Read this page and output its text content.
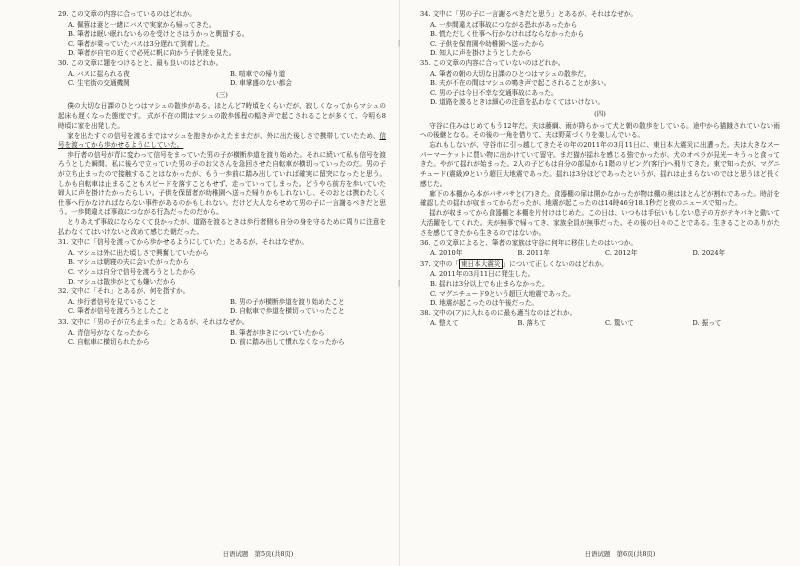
|
|
29. この文章の内容に合っているのはどれか。
A. 佩蓉は妻と一緒にバスで実家から帰ってきた。
B. 筆者は眠い眠れないものを受けとさはうかっと輿留する。
C. 筆者が乗っていたバスは3分遅れて到着した。
D. 筆者が自宅の近くで必死に帆に向かう子供達を見た。
30. この文章に題をつけるとと、最も良いのはどれか。
A. バスに揺られる夜	B. 喧車での帰り道
C. 生宅街の交通機関	D. 車掌盛のない都会
(三)

僕の大切な日課のひとつはマシュの散歩がある。ほとんど7時頃をくらいだが、寂しくなってからマシュの起床も遅くなった態度です。 式が不在の間はマシュの散歩係程の幅き声で起こされることが多くて、今明も8時頃に家を出発した。

家を出たすぐの信号を渡るまではマシュを抱きかかえたままだが、外に出た後しさで携帯していたため、信号を渡ってから歩かせるようにしていた。

歩行者の信号が青に変わって信号をまっていた男の子が横断歩道を渡り始めた。それに続いて私も信号を渡ろうとした瞬間、私に後ろで立っていた男の子のお父さんを急回させた自転車が横切っていったのだ。男の子が立ち止まったので接触することはなかったが、もう一歩前に踏み出していれば確実に留突になったと思う。しかも自転車は止まることもスピードを落すこともせず、走っていってしまった。どうやら前方を歩いていた婦人に声を掛けたかったらしい。子供を保留者が幼稚園へ送った帰りかもしれないし、そのおとは携わたしく仕事へ行かなければならない事件があるのかもしれない。だけど大人ならせめて男の子に一言謝るべきだと思う。一歩間違えば事故につながる行為だったのだから。

とりあえず事故にならなくて良かったが、道路を渡るときは歩行者側も自分の身を守るために周りに注意を払わなくてはいけないと改めて感じた朝だった。

31. 文中に「信号を渡ってから歩かせるようにしていた」とあるが、それはなぜか。
A. マシュは外に出た頃しさで興奮していたから
B. マシュは朝寝の夫に会いたがったから
C. マシュは自分で信号を渡ろうとしたから
D. マシュは散歩がとても嫌いだから
32. 文中に「それ」とあるが、何を指すか。
A. 歩行者信号を見ていること	B. 男の子が横断歩道を渡り始めたこと
C. 筆者が信号を渡ろうとしたこと	D. 自転車で歩道を横切っていったこと
33. 文中に「男の子が立ち止まった」とあるが、それはなぜか。
A. 青信号がなくなったから	B. 筆者が歩きについていたから
C. 自転車に横切られたから	D. 前に踏み出して慣れなくなったから
日语试题　第5页(共8页)
34. 文中に「男の子に一言謝るべきだと思う」とあるが、それはなぜか。
A. 一歩間違えば事故につながる恐れがあったから
B. 慌ただしく仕事へ行かなければならなかったから
C. 子供を保育園や幼稚園へ送ったから
D. 知人に声を掛けようとしたから
35. この文章の内容に合っていないのはどれか。
A. 筆者の朝の大切な日課のひとつはマシュの散歩だ。
B. 夫が不在の間はマシュの鳴き声で起こされることが多い。
C. 男の子は今日不幸な交通事故にあった。
D. 道路を渡るときは細心の注意を払わなくてはいけない。
(四)

守谷に住みはじめてもう12年だ。夫は藤綱、雨が降らかって犬と朝の散歩をしている。途中から猫餓されていない雨への後継となる。その後の一角を借りて、夫は野菜づくりを楽しんでいる。

忘れもしないが、守谷市に引っ越してきたその年の2011年の3月11日に、東日本大震災に出遭った。夫は大きなスーパーマーケットに買い物に出かけていて留守。まだ猫が揺れを感じる強でかったが、犬のオペラが見光ーキうっと食ってきた。やがて揺れが始まった。2人の子どもは自分の部屋から1階のリビング(客厅)へ飛りてきた。東で知ったが、マグニチュード(震級)9という超巨大地震であった。揺れは3分ほどであったというが、揺れは止まらないのではと思うほど長く感じた。

廊下の本棚から本がバサバサと(ア)きた。食器棚の扉は開かなかったが物は棚の奥はほとんどが割れであった。時計を確認したの揺れが収まってからだったが、地震が起こったのは14時46分18.1秒だと夜のニュースで知った。

揺れが収まってから食器棚と本棚を片付けはじめた。この日は、いつもは手伝いもしない息子の方がテキパキと動いて大活躍をしてくれた。夫が無事で帰ってき、家族全員が無事だった。その後の日々のことである。生きることのありがたさを感じてきたから生きるのではないか。

36. この文章によると、筆者の家族は守谷に何年に移住したのはいつか。
A. 2010年	B. 2011年	C. 2012年	D. 2024年
37. 文中の「 東日本大震災 」について正しくないのはどれか。
A. 2011年の3月11日に発生した。
B. 揺れは3分以上でも止まらなかった。
C. マグニチュード9という超巨大地震であった。
D. 地震が起こったのは午後だった。
38. 文中の(ア)に入れるのに最も適当なのはどれか。
A. 整えて	B. 落ちて	C. 驚いて	D. 振って
日语试题　第6页(共8页)
